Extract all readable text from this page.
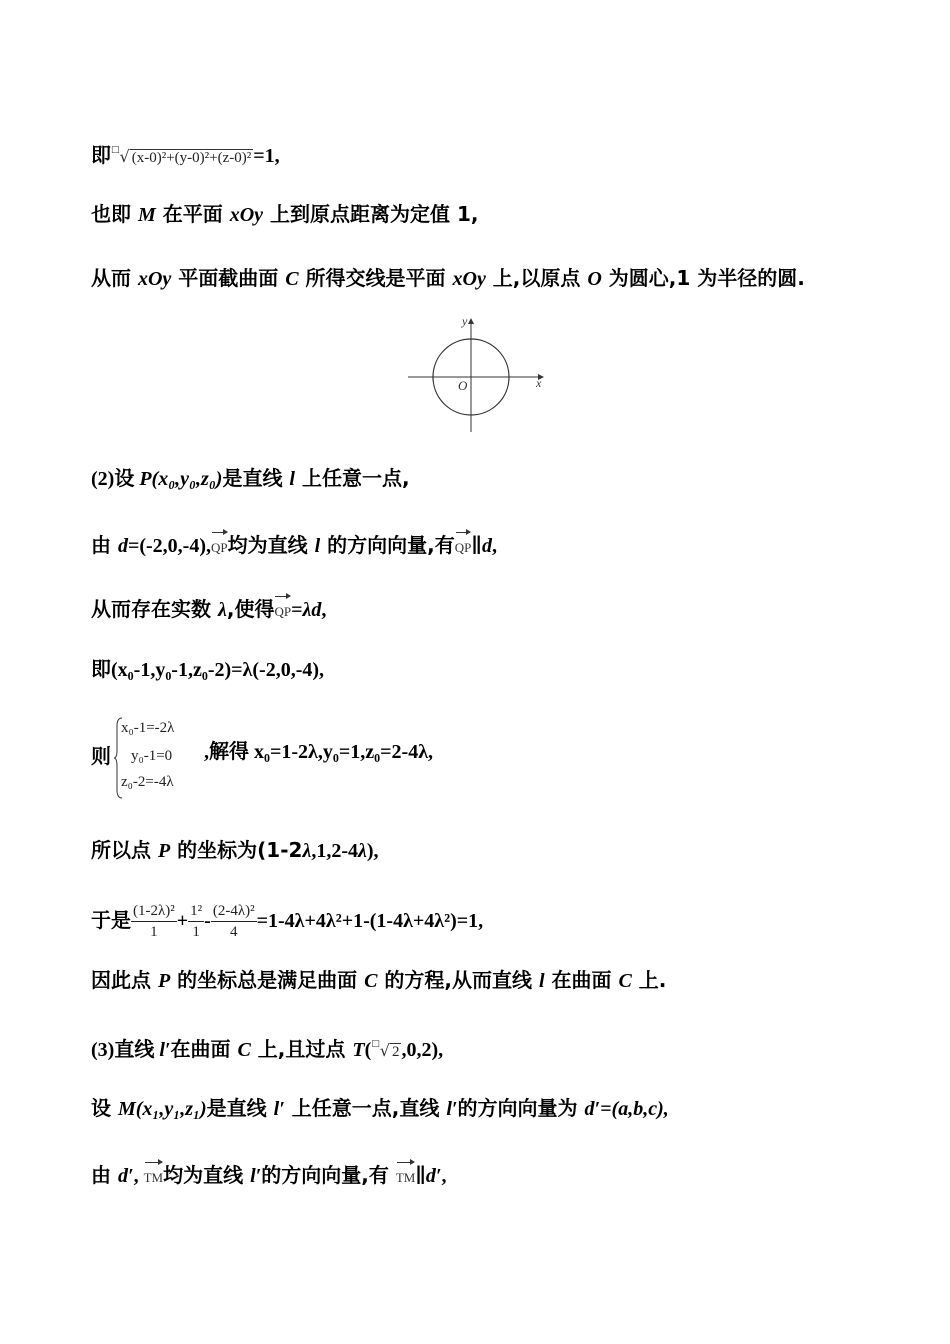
即□√ (x-0)²+(y-0)²+(z-0)² =1,
也即 M 在平面 xOy 上到原点距离为定值 1,
从而 xOy 平面截曲面 C 所得交线是平面 xOy 上,以原点 O 为圆心,1 为半径的圆.
y
x
O
(2)设 P(x₀,y₀,z₀)是直线 l 上任意一点,
由 d=(-2,0,-4),QP均为直线 l 的方向向量,有QP∥d,
从而存在实数 λ,使得QP=λd,
即(x₀-1,y₀-1,z₀-2)=λ(-2,0,-4),
则
x₀-1=-2λ
y₀-1=0
z₀-2=-4λ
,解得 x₀=1-2λ,y₀=1,z₀=2-4λ,
所以点 P 的坐标为(1-2λ,1,2-4λ),
于是 $\frac{\text{(1-2λ)²}}{1} + \frac{\text{1²}}{1} - \frac{\text{(2-4λ)²}}{4} =1-4\lambda+4\lambda^2+1-(1-4\lambda+4\lambda^2)=1$,
因此点 P 的坐标总是满足曲面 C 的方程,从而直线 l 在曲面 C 上.
(3)直线 l′在曲面 C 上,且过点 T(□√ 2 ,0,2),
设 M(x₁,y₁,z₁)是直线 l′ 上任意一点,直线 l′的方向向量为 d′=(a,b,c),
由 d′, TM均为直线 l′的方向向量,有 TM∥d′,
